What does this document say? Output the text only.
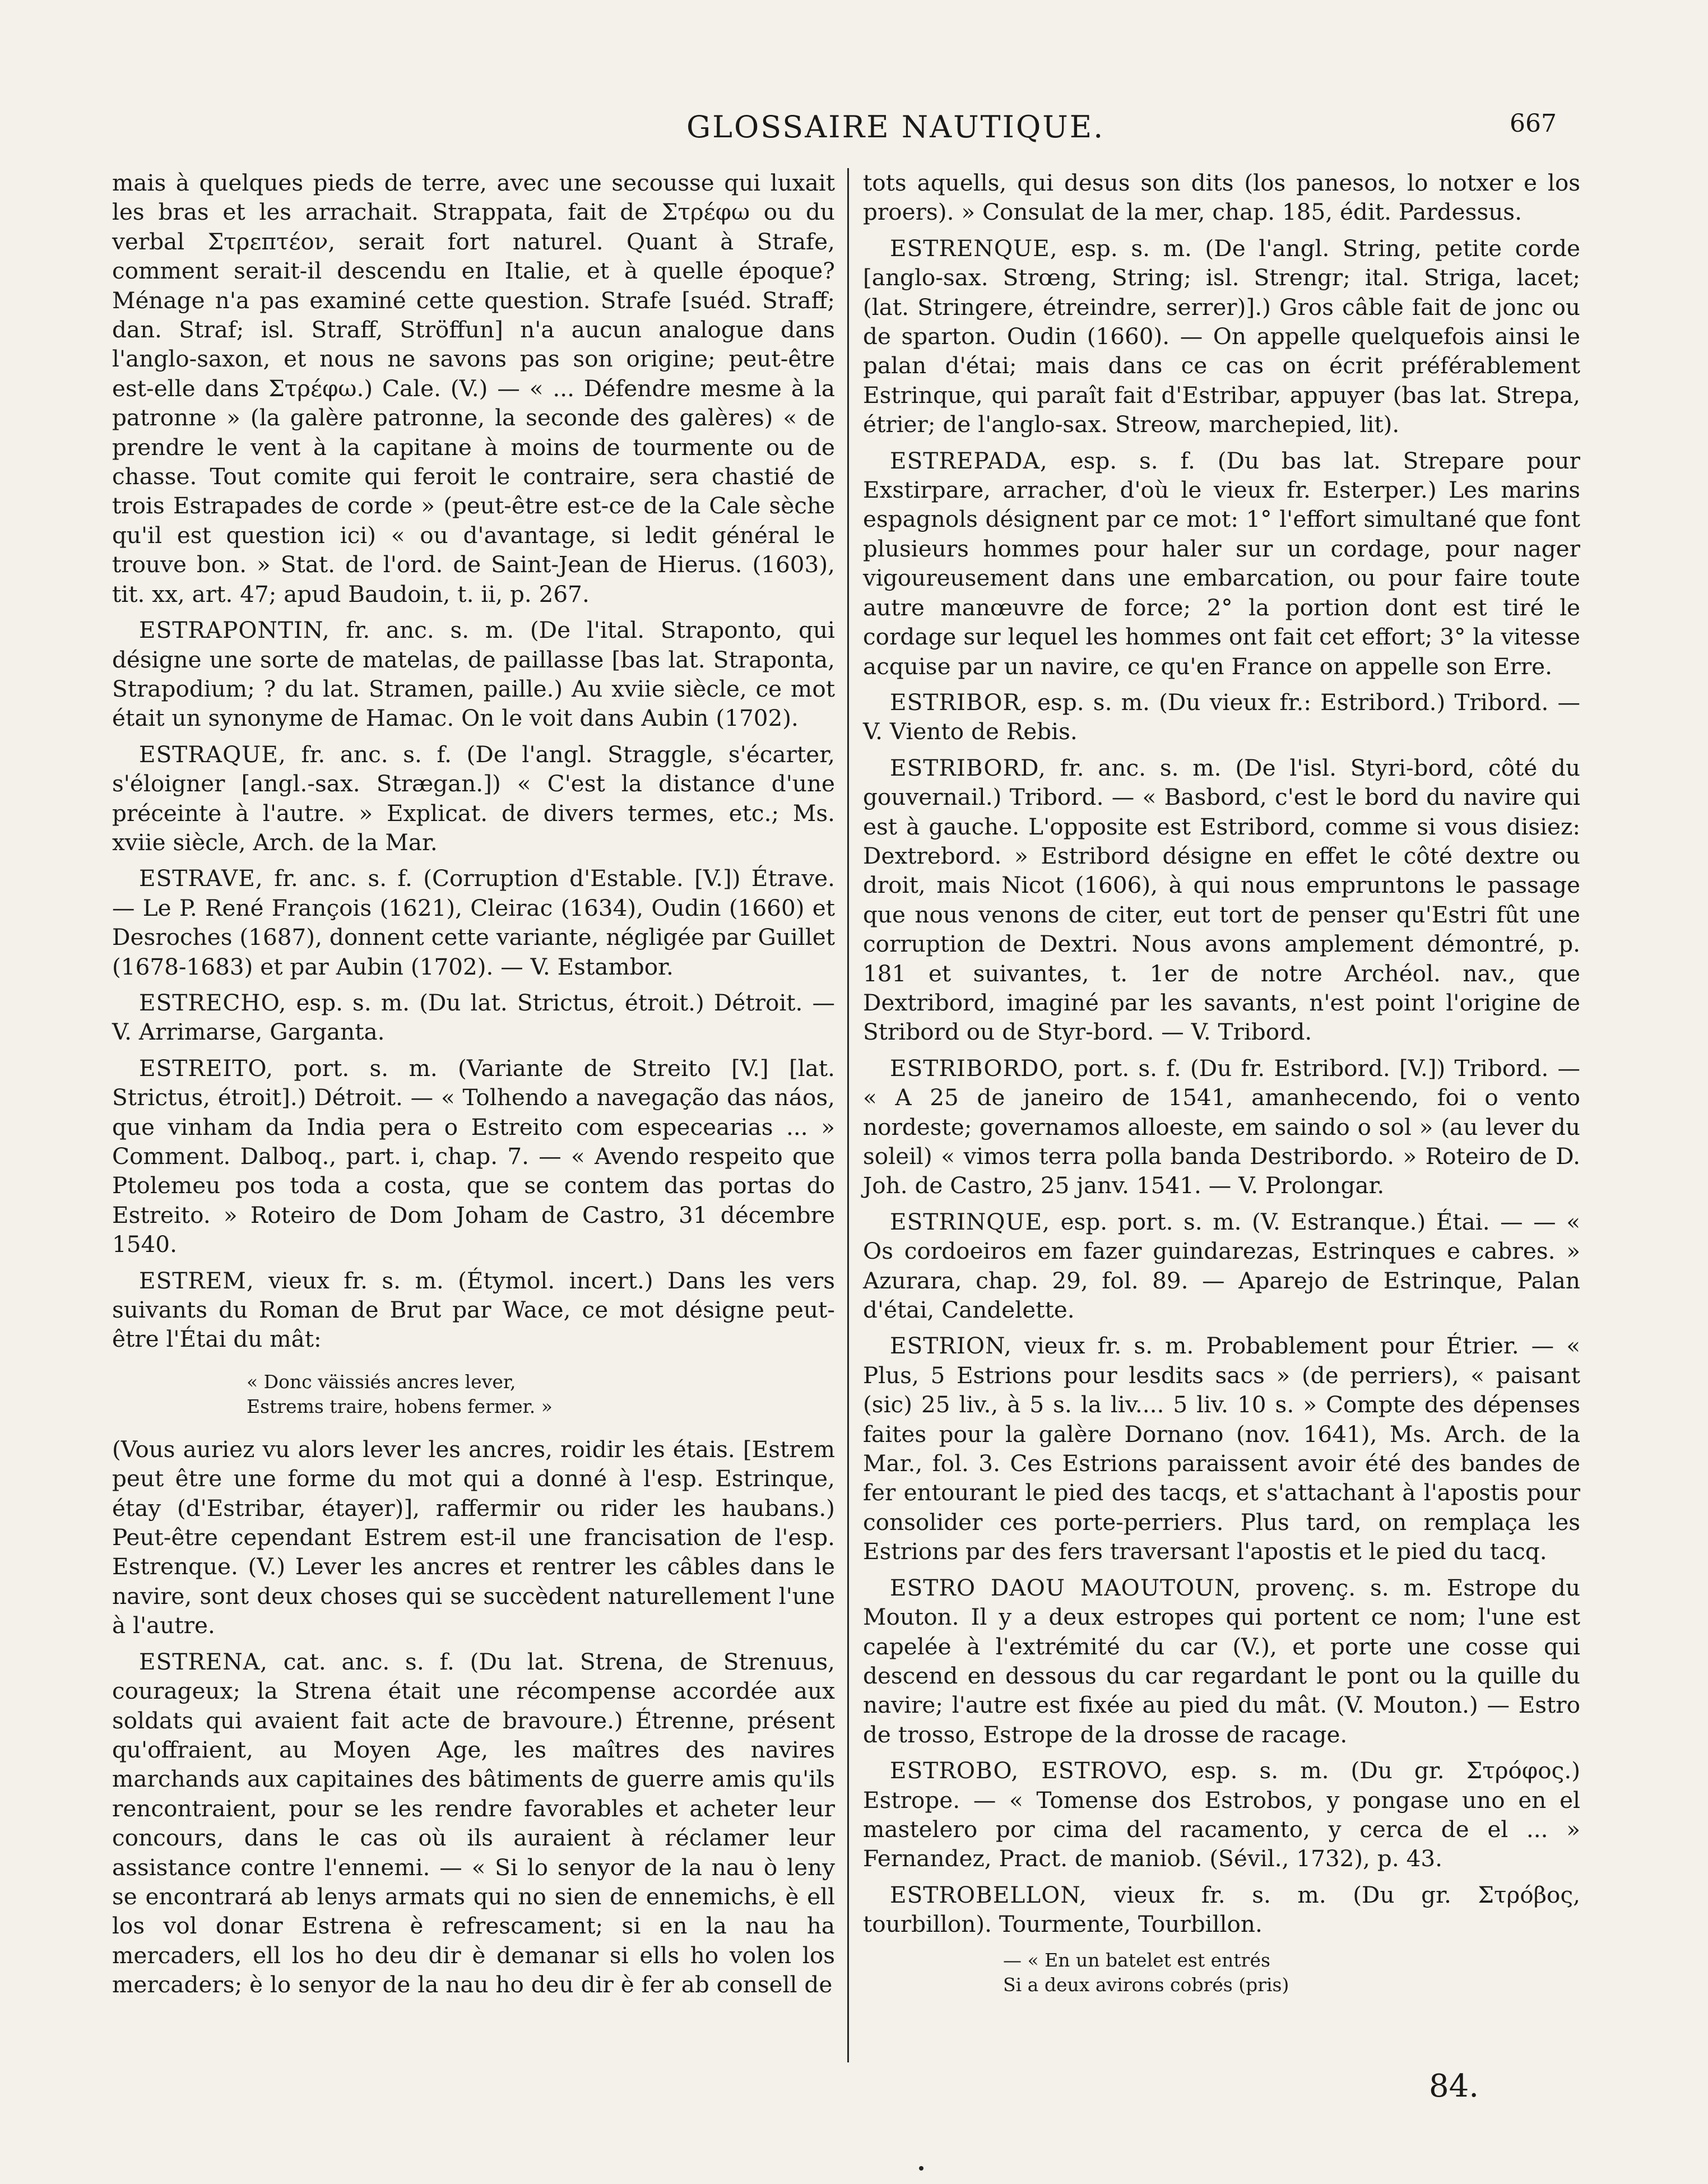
GLOSSAIRE NAUTIQUE.	667

mais à quelques pieds de terre, avec une secousse qui luxait les bras et les arrachait. Strappata, fait de Στρέφω ou du verbal Στρεπτέον, serait fort naturel. Quant à Strafe, comment serait-il descendu en Italie, et à quelle époque? Ménage n'a pas examiné cette question. Strafe [suéd. Straff; dan. Straf; isl. Straff, Ströffun] n'a aucun analogue dans l'anglo-saxon, et nous ne savons pas son origine; peut-être est-elle dans Στρέφω.) Cale. (V.) — « ... Défendre mesme à la patronne » (la galère patronne, la seconde des galères) « de prendre le vent à la capitane à moins de tourmente ou de chasse. Tout comite qui feroit le contraire, sera chastié de trois Estrapades de corde » (peut-être est-ce de la Cale sèche qu'il est question ici) « ou d'avantage, si ledit général le trouve bon. » Stat. de l'ord. de Saint-Jean de Hierus. (1603), tit. xx, art. 47; apud Baudoin, t. ii, p. 267.

ESTRAPONTIN, fr. anc. s. m. (De l'ital. Straponto, qui désigne une sorte de matelas, de paillasse [bas lat. Straponta, Strapodium; ? du lat. Stramen, paille.) Au xviie siècle, ce mot était un synonyme de Hamac. On le voit dans Aubin (1702).

ESTRAQUE, fr. anc. s. f. (De l'angl. Straggle, s'écarter, s'éloigner [angl.-sax. Strægan.]) « C'est la distance d'une préceinte à l'autre. » Explicat. de divers termes, etc.; Ms. xviie siècle, Arch. de la Mar.

ESTRAVE, fr. anc. s. f. (Corruption d'Estable. [V.]) Étrave. — Le P. René François (1621), Cleirac (1634), Oudin (1660) et Desroches (1687), donnent cette variante, négligée par Guillet (1678-1683) et par Aubin (1702). — V. Estambor.

ESTRECHO, esp. s. m. (Du lat. Strictus, étroit.) Détroit. — V. Arrimarse, Garganta.

ESTREITO, port. s. m. (Variante de Streito [V.] [lat. Strictus, étroit].) Détroit. — « Tolhendo a navegação das náos, que vinham da India pera o Estreito com especearias ... » Comment. Dalboq., part. i, chap. 7. — « Avendo respeito que Ptolemeu pos toda a costa, que se contem das portas do Estreito. » Roteiro de Dom Joham de Castro, 31 décembre 1540.

ESTREM, vieux fr. s. m. (Étymol. incert.) Dans les vers suivants du Roman de Brut par Wace, ce mot désigne peut-être l'Étai du mât:

« Donc väissiés ancres lever,
Estrems traire, hobens fermer. »

(Vous auriez vu alors lever les ancres, roidir les étais. [Estrem peut être une forme du mot qui a donné à l'esp. Estrinque, étay (d'Estribar, étayer)], raffermir ou rider les haubans.) Peut-être cependant Estrem est-il une francisation de l'esp. Estrenque. (V.) Lever les ancres et rentrer les câbles dans le navire, sont deux choses qui se succèdent naturellement l'une à l'autre.

ESTRENA, cat. anc. s. f. (Du lat. Strena, de Strenuus, courageux; la Strena était une récompense accordée aux soldats qui avaient fait acte de bravoure.) Étrenne, présent qu'offraient, au Moyen Age, les maîtres des navires marchands aux capitaines des bâtiments de guerre amis qu'ils rencontraient, pour se les rendre favorables et acheter leur concours, dans le cas où ils auraient à réclamer leur assistance contre l'ennemi. — « Si lo senyor de la nau ò leny se encontrará ab lenys armats qui no sien de ennemichs, è ell los vol donar Estrena è refrescament; si en la nau ha mercaders, ell los ho deu dir è demanar si ells ho volen los mercaders; è lo senyor de la nau ho deu dir è fer ab consell de

tots aquells, qui desus son dits (los panesos, lo notxer e los proers). » Consulat de la mer, chap. 185, édit. Pardessus.

ESTRENQUE, esp. s. m. (De l'angl. String, petite corde [anglo-sax. Strœng, String; isl. Strengr; ital. Striga, lacet; (lat. Stringere, étreindre, serrer)].) Gros câble fait de jonc ou de sparton. Oudin (1660). — On appelle quelquefois ainsi le palan d'étai; mais dans ce cas on écrit préférablement Estrinque, qui paraît fait d'Estribar, appuyer (bas lat. Strepa, étrier; de l'anglo-sax. Streow, marchepied, lit).

ESTREPADA, esp. s. f. (Du bas lat. Strepare pour Exstirpare, arracher, d'où le vieux fr. Esterper.) Les marins espagnols désignent par ce mot: 1° l'effort simultané que font plusieurs hommes pour haler sur un cordage, pour nager vigoureusement dans une embarcation, ou pour faire toute autre manœuvre de force; 2° la portion dont est tiré le cordage sur lequel les hommes ont fait cet effort; 3° la vitesse acquise par un navire, ce qu'en France on appelle son Erre.

ESTRIBOR, esp. s. m. (Du vieux fr.: Estribord.) Tribord. — V. Viento de Rebis.

ESTRIBORD, fr. anc. s. m. (De l'isl. Styri-bord, côté du gouvernail.) Tribord. — « Basbord, c'est le bord du navire qui est à gauche. L'opposite est Estribord, comme si vous disiez: Dextrebord. » Estribord désigne en effet le côté dextre ou droit, mais Nicot (1606), à qui nous empruntons le passage que nous venons de citer, eut tort de penser qu'Estri fût une corruption de Dextri. Nous avons amplement démontré, p. 181 et suivantes, t. 1er de notre Archéol. nav., que Dextribord, imaginé par les savants, n'est point l'origine de Stribord ou de Styr-bord. — V. Tribord.

ESTRIBORDO, port. s. f. (Du fr. Estribord. [V.]) Tribord. — « A 25 de janeiro de 1541, amanhecendo, foi o vento nordeste; governamos alloeste, em saindo o sol » (au lever du soleil) « vimos terra polla banda Destribordo. » Roteiro de D. Joh. de Castro, 25 janv. 1541. — V. Prolongar.

ESTRINQUE, esp. port. s. m. (V. Estranque.) Étai. — — « Os cordoeiros em fazer guindarezas, Estrinques e cabres. » Azurara, chap. 29, fol. 89. — Aparejo de Estrinque, Palan d'étai, Candelette.

ESTRION, vieux fr. s. m. Probablement pour Étrier. — « Plus, 5 Estrions pour lesdits sacs » (de perriers), « paisant (sic) 25 liv., à 5 s. la liv.... 5 liv. 10 s. » Compte des dépenses faites pour la galère Dornano (nov. 1641), Ms. Arch. de la Mar., fol. 3. Ces Estrions paraissent avoir été des bandes de fer entourant le pied des tacqs, et s'attachant à l'apostis pour consolider ces porte-perriers. Plus tard, on remplaça les Estrions par des fers traversant l'apostis et le pied du tacq.

ESTRO DAOU MAOUTOUN, provenç. s. m. Estrope du Mouton. Il y a deux estropes qui portent ce nom; l'une est capelée à l'extrémité du car (V.), et porte une cosse qui descend en dessous du car regardant le pont ou la quille du navire; l'autre est fixée au pied du mât. (V. Mouton.) — Estro de trosso, Estrope de la drosse de racage.

ESTROBO, ESTROVO, esp. s. m. (Du gr. Στρόφος.) Estrope. — « Tomense dos Estrobos, y pongase uno en el mastelero por cima del racamento, y cerca de el ... » Fernandez, Pract. de maniob. (Sévil., 1732), p. 43.

ESTROBELLON, vieux fr. s. m. (Du gr. Στρόβος, tourbillon). Tourmente, Tourbillon.

— « En un batelet est entrés
Si a deux avirons cobrés (pris)
84.
